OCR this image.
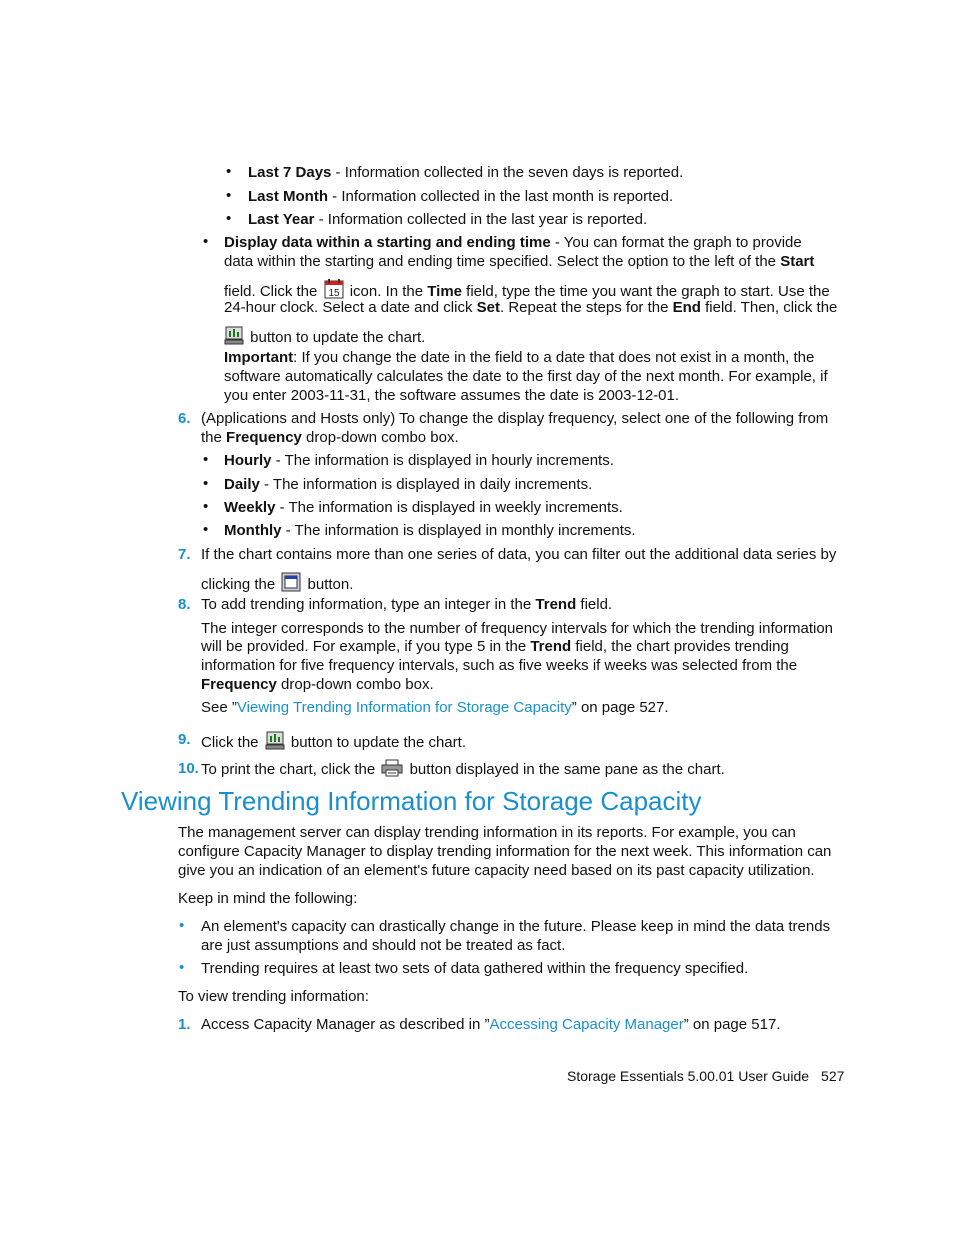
• Last 7 Days - Information collected in the seven days is reported.
• Last Month - Information collected in the last month is reported.
• Last Year - Information collected in the last year is reported.
• Display data within a starting and ending time - You can format the graph to provide
data within the starting and ending time specified. Select the option to the left of the Start
field. Click the 15 icon. In the Time field, type the time you want the graph to start. Use the
24-hour clock. Select a date and click Set. Repeat the steps for the End field. Then, click the
button to update the chart.
Important: If you change the date in the field to a date that does not exist in a month, the
software automatically calculates the date to the first day of the next month. For example, if
you enter 2003-11-31, the software assumes the date is 2003-12-01.
6. (Applications and Hosts only) To change the display frequency, select one of the following from
the Frequency drop-down combo box.
• Hourly - The information is displayed in hourly increments.
• Daily - The information is displayed in daily increments.
• Weekly - The information is displayed in weekly increments.
• Monthly - The information is displayed in monthly increments.
7. If the chart contains more than one series of data, you can filter out the additional data series by
clicking the  button.
8. To add trending information, type an integer in the Trend field.
The integer corresponds to the number of frequency intervals for which the trending information
will be provided. For example, if you type 5 in the Trend field, the chart provides trending
information for five frequency intervals, such as five weeks if weeks was selected from the
Frequency drop-down combo box.
See ”Viewing Trending Information for Storage Capacity” on page 527.
9. Click the  button to update the chart.
10. To print the chart, click the  button displayed in the same pane as the chart.
Viewing Trending Information for Storage Capacity
The management server can display trending information in its reports. For example, you can
configure Capacity Manager to display trending information for the next week. This information can
give you an indication of an element's future capacity need based on its past capacity utilization.
Keep in mind the following:
• An element's capacity can drastically change in the future. Please keep in mind the data trends
are just assumptions and should not be treated as fact.
• Trending requires at least two sets of data gathered within the frequency specified.
To view trending information:
1. Access Capacity Manager as described in ”Accessing Capacity Manager” on page 517.
Storage Essentials 5.00.01 User Guide 527
